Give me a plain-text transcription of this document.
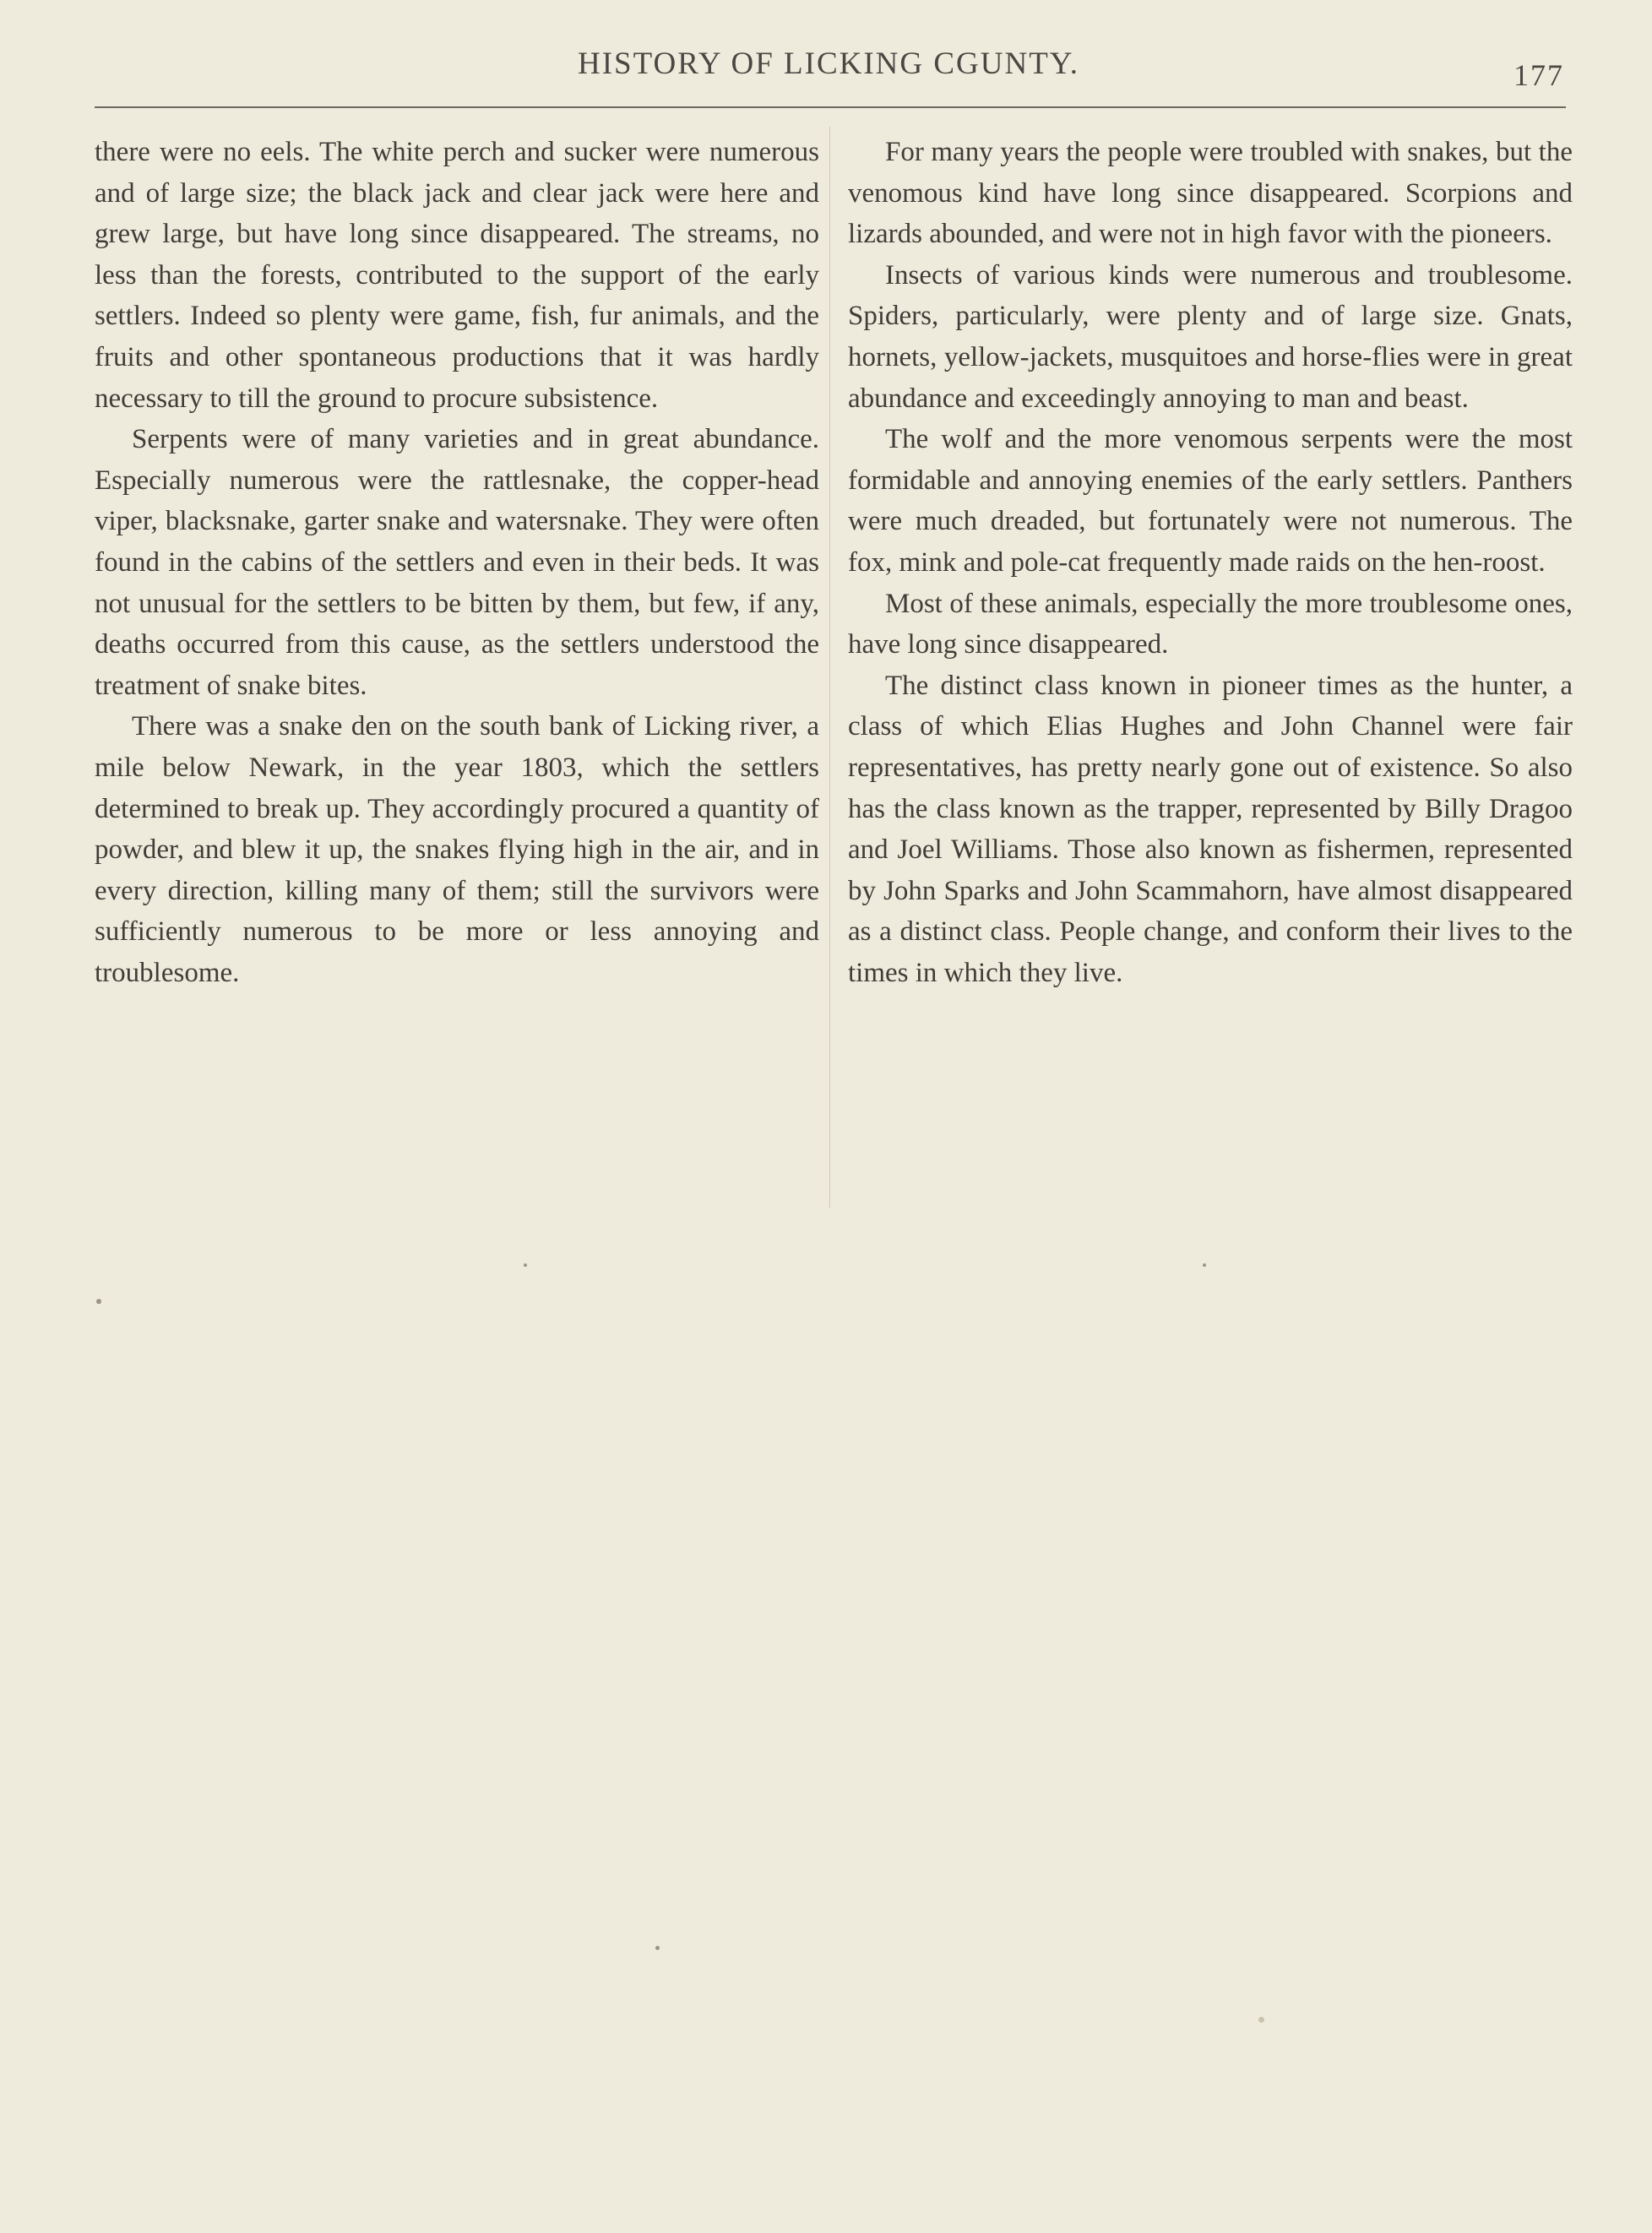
HISTORY OF LICKING CGUNTY.	177

there were no eels. The white perch and sucker were numerous and of large size; the black jack and clear jack were here and grew large, but have long since disappeared. The streams, no less than the forests, contributed to the support of the early settlers. Indeed so plenty were game, fish, fur animals, and the fruits and other spontaneous productions that it was hardly necessary to till the ground to procure subsistence.

Serpents were of many varieties and in great abundance. Especially numerous were the rattlesnake, the copper-head viper, blacksnake, garter snake and watersnake. They were often found in the cabins of the settlers and even in their beds. It was not unusual for the settlers to be bitten by them, but few, if any, deaths occurred from this cause, as the settlers understood the treatment of snake bites.

There was a snake den on the south bank of Licking river, a mile below Newark, in the year 1803, which the settlers determined to break up. They accordingly procured a quantity of powder, and blew it up, the snakes flying high in the air, and in every direction, killing many of them; still the survivors were sufficiently numerous to be more or less annoying and troublesome.

For many years the people were troubled with snakes, but the venomous kind have long since disappeared. Scorpions and lizards abounded, and were not in high favor with the pioneers.

Insects of various kinds were numerous and troublesome. Spiders, particularly, were plenty and of large size. Gnats, hornets, yellow-jackets, musquitoes and horse-flies were in great abundance and exceedingly annoying to man and beast.

The wolf and the more venomous serpents were the most formidable and annoying enemies of the early settlers. Panthers were much dreaded, but fortunately were not numerous. The fox, mink and pole-cat frequently made raids on the hen-roost.

Most of these animals, especially the more troublesome ones, have long since disappeared.

The distinct class known in pioneer times as the hunter, a class of which Elias Hughes and John Channel were fair representatives, has pretty nearly gone out of existence. So also has the class known as the trapper, represented by Billy Dragoo and Joel Williams. Those also known as fishermen, represented by John Sparks and John Scammahorn, have almost disappeared as a distinct class. People change, and conform their lives to the times in which they live.
